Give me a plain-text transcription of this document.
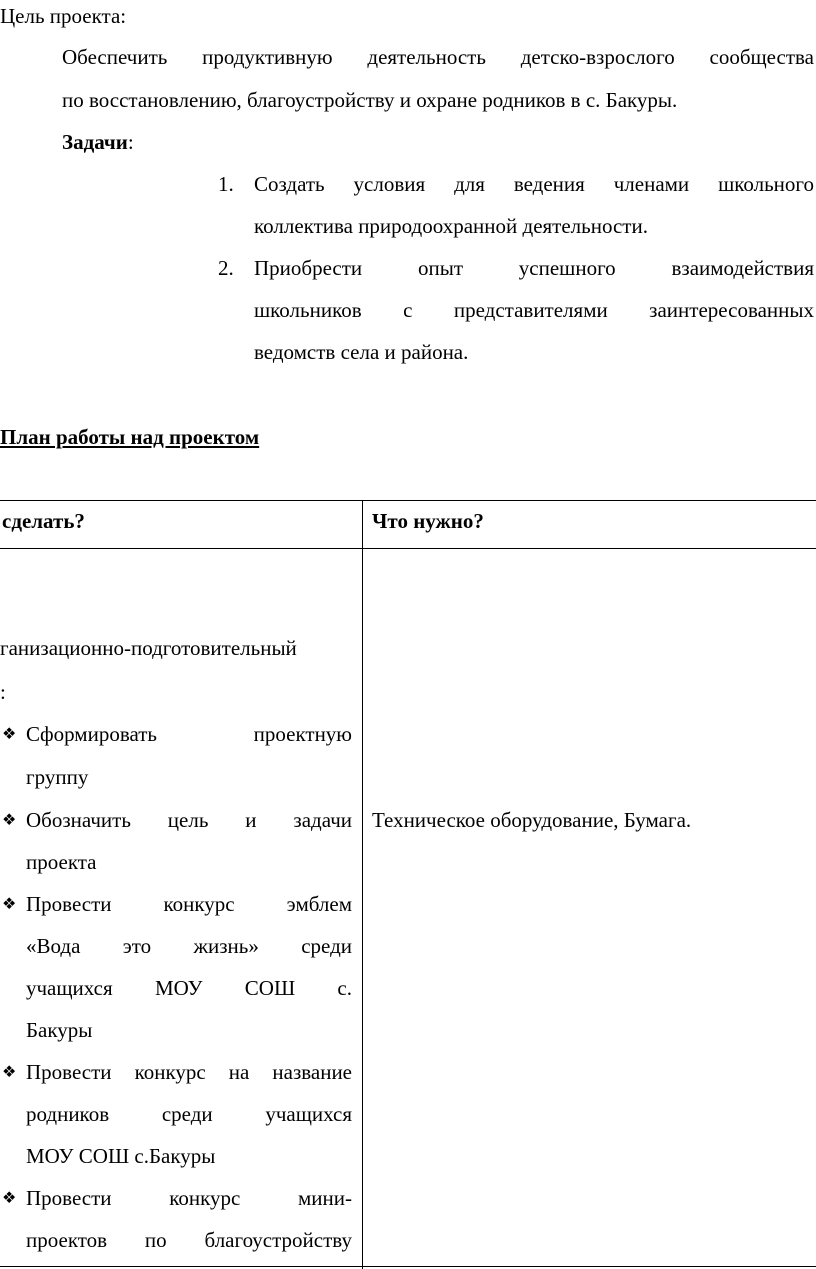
Цель проекта:
Обеспечить продуктивную деятельность детско-взрослого сообщества
по восстановлению, благоустройству и охране родников в с. Бакуры.
Задачи:
1. Создать условия для ведения членами школьного
коллектива природоохранной деятельности.
2. Приобрести опыт успешного взаимодействия
школьников с представителями заинтересованных
ведомств села и района.
План работы над проектом
сделать?	Что нужно?
ганизационно-подготовительный
:
❖ Сформировать проектную
группу
❖ Обозначить цель и задачи
проекта
❖ Провести конкурс эмблем
«Вода это жизнь» среди
учащихся МОУ СОШ с.
Бакуры
❖ Провести конкурс на название
родников среди учащихся
МОУ СОШ с.Бакуры
❖ Провести конкурс мини-
проектов по благоустройству
Техническое оборудование, Бумага.
